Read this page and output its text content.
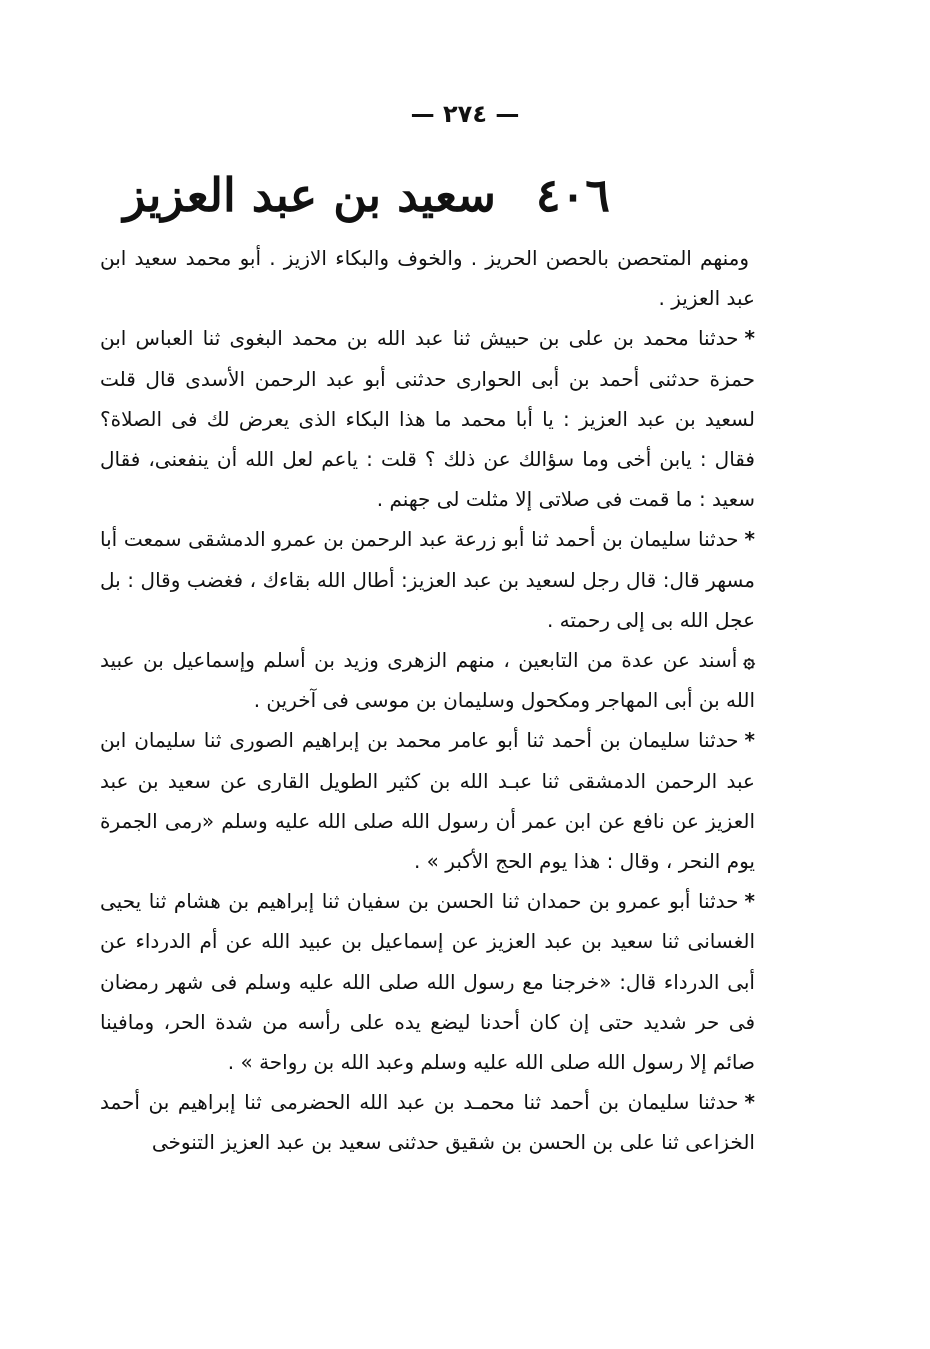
— ٢٧٤ —
٤٠٦سعيد بن عبد العزيز

ومنهم المتحصن بالحصن الحريز . والخوف والبكاء الازيز . أبو محمد سعيد ابن عبد العزيز .

*حدثنا محمد بن على بن حبيش ثنا عبد الله بن محمد البغوى ثنا العباس ابن حمزة حدثنى أحمد بن أبى الحوارى حدثنى أبو عبد الرحمن الأسدى قال قلت لسعيد بن عبد العزيز : يا أبا محمد ما هذا البكاء الذى يعرض لك فى الصلاة؟ فقال : يابن أخى وما سؤالك عن ذلك ؟ قلت : ياعم لعل الله أن ينفعنى، فقال سعيد : ما قمت فى صلاتى إلا مثلت لى جهنم .

*حدثنا سليمان بن أحمد ثنا أبو زرعة عبد الرحمن بن عمرو الدمشقى سمعت أبا مسهر قال: قال رجل لسعيد بن عبد العزيز: أطال الله بقاءك ، فغضب وقال : بل عجل الله بى إلى رحمته .

۞أسند عن عدة من التابعين ، منهم الزهرى وزيد بن أسلم وإسماعيل بن عبيد الله بن أبى المهاجر ومكحول وسليمان بن موسى فى آخرين .

*حدثنا سليمان بن أحمد ثنا أبو عامر محمد بن إبراهيم الصورى ثنا سليمان ابن عبد الرحمن الدمشقى ثنا عبـد الله بن كثير الطويل القارى عن سعيد بن عبد العزيز عن نافع عن ابن عمر أن رسول الله صلى الله عليه وسلم «رمى الجمرة يوم النحر ، وقال : هذا يوم الحج الأكبر » .

*حدثنا أبو عمرو بن حمدان ثنا الحسن بن سفيان ثنا إبراهيم بن هشام ثنا يحيى الغسانى ثنا سعيد بن عبد العزيز عن إسماعيل بن عبيد الله عن أم الدرداء عن أبى الدرداء قال: «خرجنا مع رسول الله صلى الله عليه وسلم فى شهر رمضان فى حر شديد حتى إن كان أحدنا ليضع يده على رأسه من شدة الحر، ومافينا صائم إلا رسول الله صلى الله عليه وسلم وعبد الله بن رواحة » .

*حدثنا سليمان بن أحمد ثنا محمـد بن عبد الله الحضرمى ثنا إبراهيم بن أحمد الخزاعى ثنا على بن الحسن بن شقيق حدثنى سعيد بن عبد العزيز التنوخى
